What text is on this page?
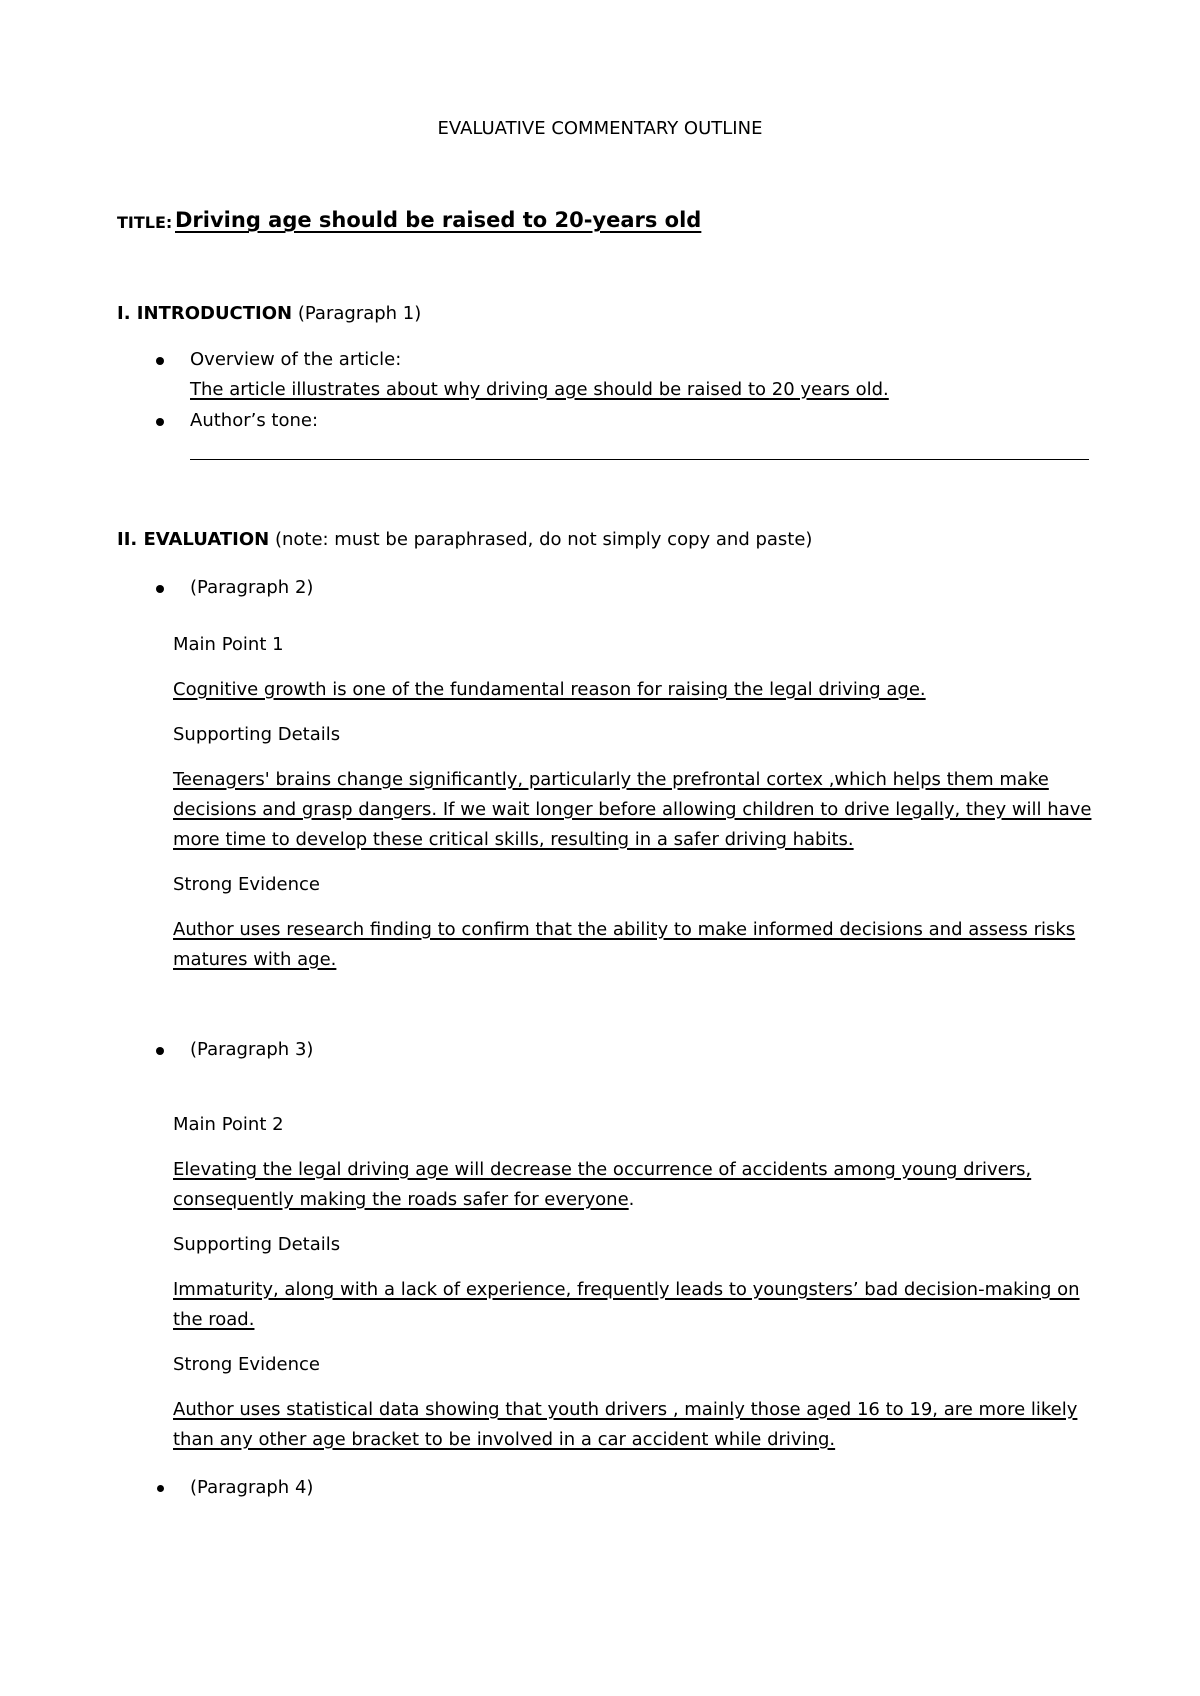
EVALUATIVE COMMENTARY OUTLINE
TITLE: Driving age should be raised to 20-years old
I. INTRODUCTION (Paragraph 1)
Overview of the article:
The article illustrates about why driving age should be raised to 20 years old.
Author’s tone:
II. EVALUATION (note: must be paraphrased, do not simply copy and paste)
(Paragraph 2)
Main Point 1
Cognitive growth is one of the fundamental reason for raising the legal driving age.
Supporting Details
Teenagers' brains change significantly, particularly the prefrontal cortex ,which helps them make
decisions and grasp dangers. If we wait longer before allowing children to drive legally, they will have
more time to develop these critical skills, resulting in a safer driving habits.
Strong Evidence
Author uses research finding to confirm that the ability to make informed decisions and assess risks
matures with age.
(Paragraph 3)
Main Point 2
Elevating the legal driving age will decrease the occurrence of accidents among young drivers,
consequently making the roads safer for everyone.
Supporting Details
Immaturity, along with a lack of experience, frequently leads to youngsters’ bad decision-making on
the road.
Strong Evidence
Author uses statistical data showing that youth drivers , mainly those aged 16 to 19, are more likely
than any other age bracket to be involved in a car accident while driving.
(Paragraph 4)
